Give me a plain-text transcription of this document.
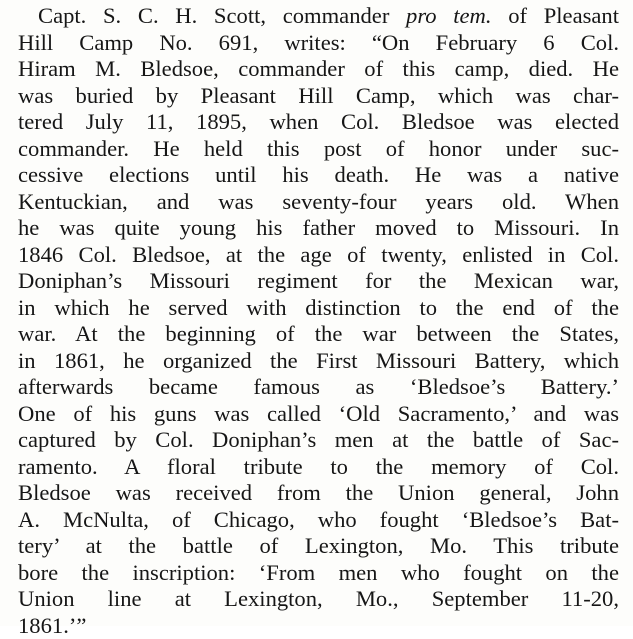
Capt. S. C. H. Scott, commander pro tem. of Pleasant
Hill Camp No. 691, writes: “On February 6 Col.
Hiram M. Bledsoe, commander of this camp, died. He
was buried by Pleasant Hill Camp, which was char-
tered July 11, 1895, when Col. Bledsoe was elected
commander. He held this post of honor under suc-
cessive elections until his death. He was a native
Kentuckian, and was seventy-four years old. When
he was quite young his father moved to Missouri. In
1846 Col. Bledsoe, at the age of twenty, enlisted in Col.
Doniphan’s Missouri regiment for the Mexican war,
in which he served with distinction to the end of the
war. At the beginning of the war between the States,
in 1861, he organized the First Missouri Battery, which
afterwards became famous as ‘Bledsoe’s Battery.’
One of his guns was called ‘Old Sacramento,’ and was
captured by Col. Doniphan’s men at the battle of Sac-
ramento. A floral tribute to the memory of Col.
Bledsoe was received from the Union general, John
A. McNulta, of Chicago, who fought ‘Bledsoe’s Bat-
tery’ at the battle of Lexington, Mo. This tribute
bore the inscription: ‘From men who fought on the
Union line at Lexington, Mo., September 11-20,
1861.’”
